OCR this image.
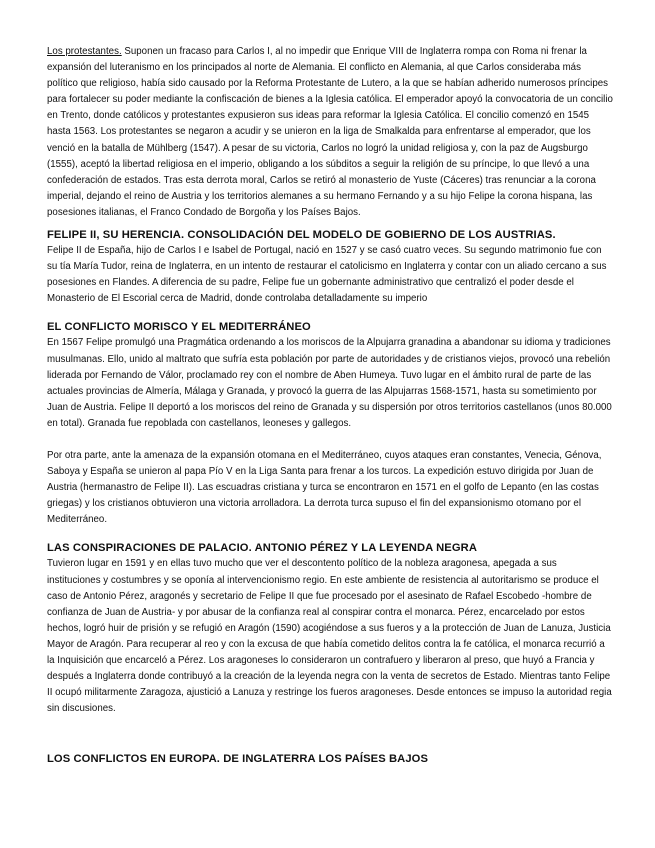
Los protestantes. Suponen un fracaso para Carlos I, al no impedir que Enrique VIII de Inglaterra rompa con Roma ni frenar la expansión del luteranismo en los principados al norte de Alemania. El conflicto en Alemania, al que Carlos consideraba más político que religioso, había sido causado por la Reforma Protestante de Lutero, a la que se habían adherido numerosos príncipes para fortalecer su poder mediante la confiscación de bienes a la Iglesia católica. El emperador apoyó la convocatoria de un concilio en Trento, donde católicos y protestantes expusieron sus ideas para reformar la Iglesia Católica. El concilio comenzó en 1545 hasta 1563. Los protestantes se negaron a acudir y se unieron en la liga de Smalkalda para enfrentarse al emperador, que los venció en la batalla de Mühlberg (1547). A pesar de su victoria, Carlos no logró la unidad religiosa y, con la paz de Augsburgo (1555), aceptó la libertad religiosa en el imperio, obligando a los súbditos a seguir la religión de su príncipe, lo que llevó a una confederación de estados. Tras esta derrota moral, Carlos se retiró al monasterio de Yuste (Cáceres) tras renunciar a la corona imperial, dejando el reino de Austria y los territorios alemanes a su hermano Fernando y a su hijo Felipe la corona hispana, las posesiones italianas, el Franco Condado de Borgoña y los Países Bajos.

FELIPE II, SU HERENCIA. CONSOLIDACIÓN DEL MODELO DE GOBIERNO DE LOS AUSTRIAS.

Felipe II de España, hijo de Carlos I e Isabel de Portugal, nació en 1527 y se casó cuatro veces. Su segundo matrimonio fue con su tía María Tudor, reina de Inglaterra, en un intento de restaurar el catolicismo en Inglaterra y contar con un aliado cercano a sus posesiones en Flandes. A diferencia de su padre, Felipe fue un gobernante administrativo que centralizó el poder desde el Monasterio de El Escorial cerca de Madrid, donde controlaba detalladamente su imperio

EL CONFLICTO MORISCO Y EL MEDITERRÁNEO

En 1567 Felipe promulgó una Pragmática ordenando a los moriscos de la Alpujarra granadina a abandonar su idioma y tradiciones musulmanas. Ello, unido al maltrato que sufría esta población por parte de autoridades y de cristianos viejos, provocó una rebelión liderada por Fernando de Válor, proclamado rey con el nombre de Aben Humeya. Tuvo lugar en el ámbito rural de parte de las actuales provincias de Almería, Málaga y Granada, y provocó la guerra de las Alpujarras 1568-1571, hasta su sometimiento por Juan de Austria. Felipe II deportó a los moriscos del reino de Granada y su dispersión por otros territorios castellanos (unos 80.000 en total). Granada fue repoblada con castellanos, leoneses y gallegos.

Por otra parte, ante la amenaza de la expansión otomana en el Mediterráneo, cuyos ataques eran constantes, Venecia, Génova, Saboya y España se unieron al papa Pío V en la Liga Santa para frenar a los turcos. La expedición estuvo dirigida por Juan de Austria (hermanastro de Felipe II). Las escuadras cristiana y turca se encontraron en 1571 en el golfo de Lepanto (en las costas griegas) y los cristianos obtuvieron una victoria arrolladora. La derrota turca supuso el fin del expansionismo otomano por el Mediterráneo.

LAS CONSPIRACIONES DE PALACIO. ANTONIO PÉREZ Y LA LEYENDA NEGRA

Tuvieron lugar en 1591 y en ellas tuvo mucho que ver el descontento político de la nobleza aragonesa, apegada a sus instituciones y costumbres y se oponía al intervencionismo regio. En este ambiente de resistencia al autoritarismo se produce el caso de Antonio Pérez, aragonés y secretario de Felipe II que fue procesado por el asesinato de Rafael Escobedo -hombre de confianza de Juan de Austria- y por abusar de la confianza real al conspirar contra el monarca. Pérez, encarcelado por estos hechos, logró huir de prisión y se refugió en Aragón (1590) acogiéndose a sus fueros y a la protección de Juan de Lanuza, Justicia Mayor de Aragón. Para recuperar al reo y con la excusa de que había cometido delitos contra la fe católica, el monarca recurrió a la Inquisición que encarceló a Pérez. Los aragoneses lo consideraron un contrafuero y liberaron al preso, que huyó a Francia y después a Inglaterra donde contribuyó a la creación de la leyenda negra con la venta de secretos de Estado. Mientras tanto Felipe II ocupó militarmente Zaragoza, ajustició a Lanuza y restringe los fueros aragoneses. Desde entonces se impuso la autoridad regia sin discusiones.

LOS CONFLICTOS EN EUROPA. DE INGLATERRA LOS PAÍSES BAJOS
